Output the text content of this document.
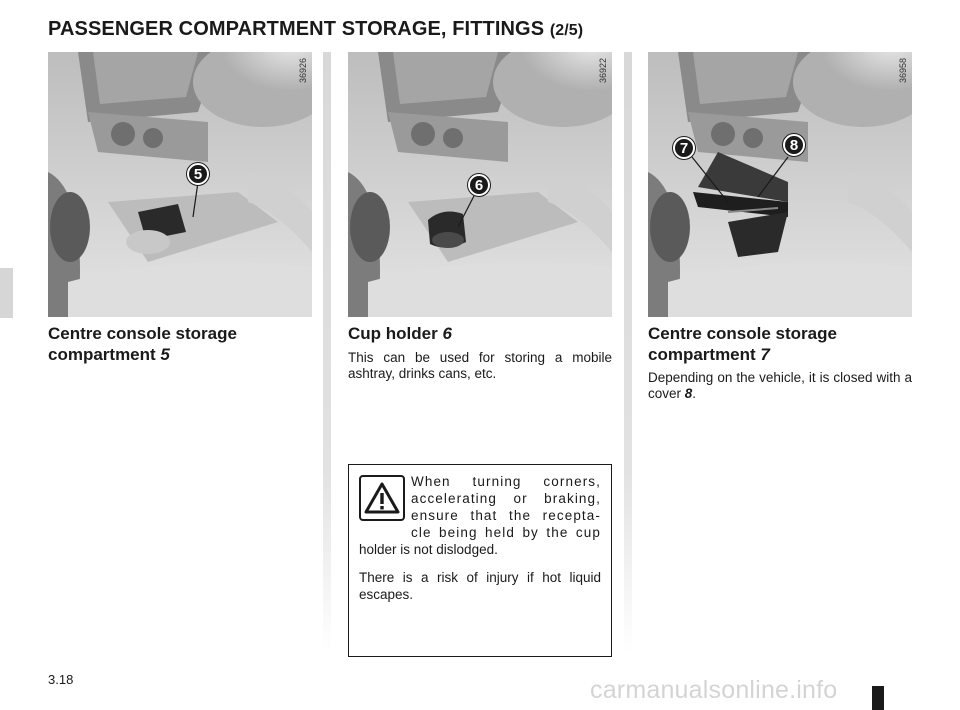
PASSENGER COMPARTMENT STORAGE, FITTINGS (2/5)
36926
5
36922
6
36958
7	8
Centre console storage compartment 5
Cup holder 6
This can be used for storing a mobile ashtray, drinks cans, etc.
Centre console storage compartment 7
Depending on the vehicle, it is closed with a cover 8.
When turning corners, accelerating or braking, ensure that the recepta-cle being held by the cup holder is not dislodged.
There is a risk of injury if hot liquid escapes.
3.18	carmanualsonline.info
